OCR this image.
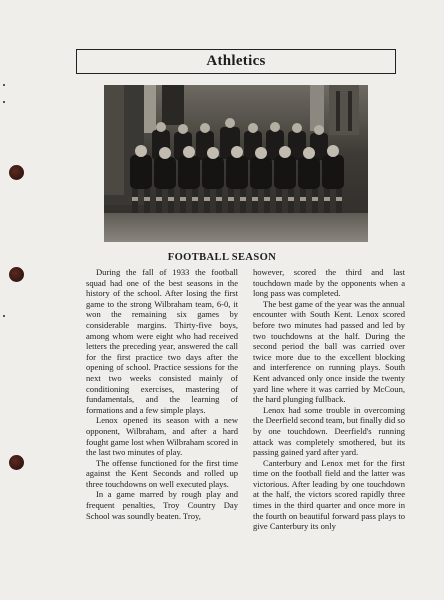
Athletics
FOOTBALL SEASON

During the fall of 1933 the football squad had one of the best seasons in the history of the school. After losing the first game to the strong Wilbraham team, 6-0, it won the remaining six games by considerable margins. Thirty-five boys, among whom were eight who had received letters the preceding year, answered the call for the first practice two days after the opening of school. Practice sessions for the next two weeks consisted mainly of conditioning exercises, mastering of fundamentals, and the learning of formations and a few simple plays.

Lenox opened its season with a new opponent, Wilbraham, and after a hard fought game lost when Wilbraham scored in the last two minutes of play.

The offense functioned for the first time against the Kent Seconds and rolled up three touchdowns on well executed plays.

In a game marred by rough play and frequent penalties, Troy Country Day School was soundly beaten. Troy,

however, scored the third and last touchdown made by the opponents when a long pass was completed.

The best game of the year was the annual encounter with South Kent. Lenox scored before two minutes had passed and led by two touchdowns at the half. During the second period the ball was carried over twice more due to the excellent blocking and interference on running plays. South Kent advanced only once inside the twenty yard line where it was carried by McCoun, the hard plunging fullback.

Lenox had some trouble in overcoming the Deerfield second team, but finally did so by one touchdown. Deerfield's running attack was completely smothered, but its passing gained yard after yard.

Canterbury and Lenox met for the first time on the football field and the latter was victorious. After leading by one touchdown at the half, the victors scored rapidly three times in the third quarter and once more in the fourth on beautiful forward pass plays to give Canterbury its only
